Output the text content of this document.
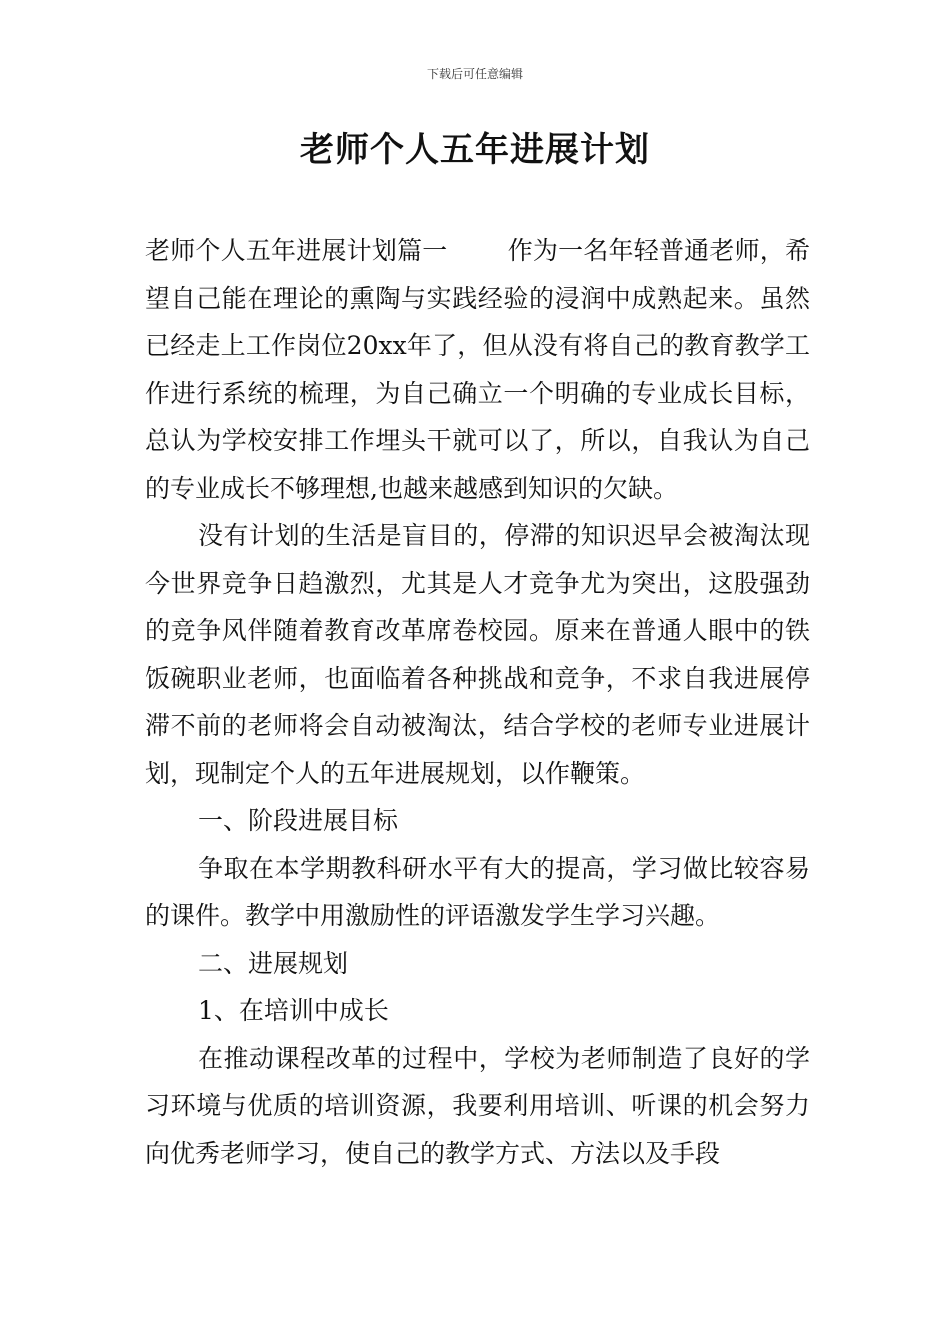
下载后可任意编辑
老师个人五年进展计划

老师个人五年进展计划篇一 作为一名年轻普通老师，希望自己能在理论的熏陶与实践经验的浸润中成熟起来。虽然已经走上工作岗位20xx年了，但从没有将自己的教育教学工作进行系统的梳理，为自己确立一个明确的专业成长目标，总认为学校安排工作埋头干就可以了，所以，自我认为自己的专业成长不够理想,也越来越感到知识的欠缺。

没有计划的生活是盲目的，停滞的知识迟早会被淘汰现今世界竞争日趋激烈，尤其是人才竞争尤为突出，这股强劲的竞争风伴随着教育改革席卷校园。原来在普通人眼中的铁饭碗职业老师，也面临着各种挑战和竞争，不求自我进展停滞不前的老师将会自动被淘汰，结合学校的老师专业进展计划，现制定个人的五年进展规划，以作鞭策。

一、阶段进展目标

争取在本学期教科研水平有大的提高，学习做比较容易的课件。教学中用激励性的评语激发学生学习兴趣。

二、进展规划

1、在培训中成长

在推动课程改革的过程中，学校为老师制造了良好的学习环境与优质的培训资源，我要利用培训、听课的机会努力向优秀老师学习，使自己的教学方式、方法以及手段
